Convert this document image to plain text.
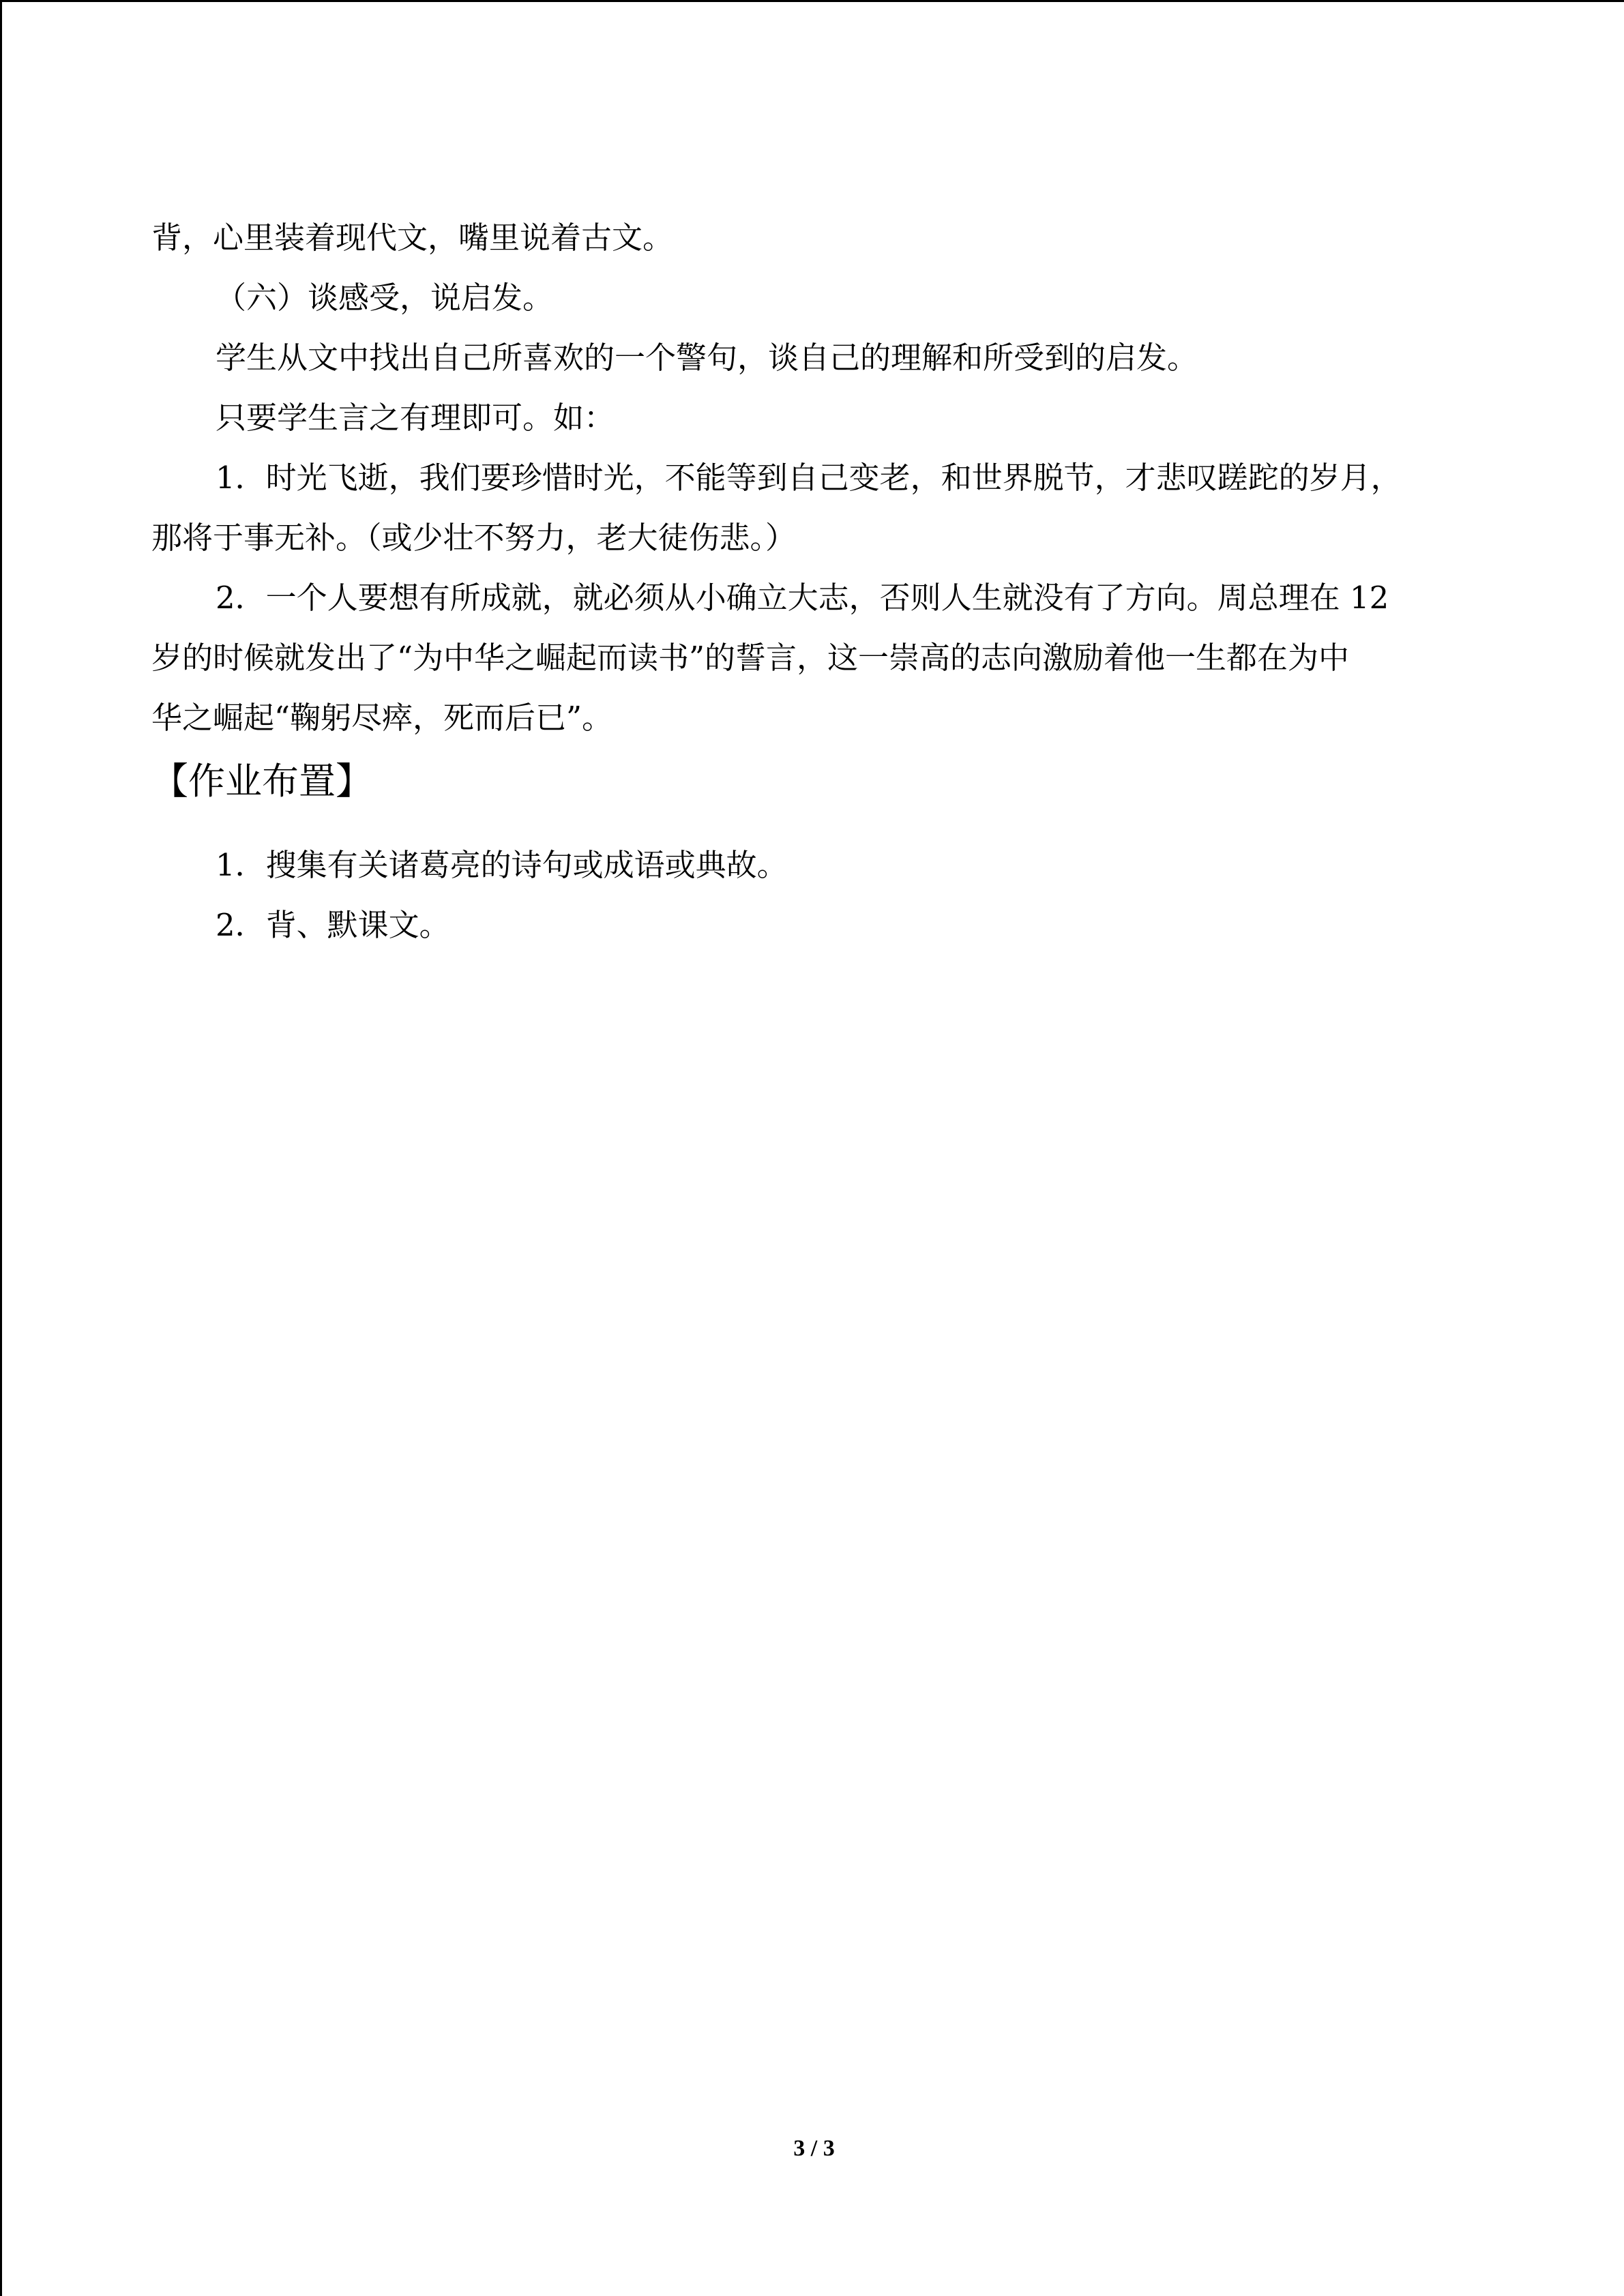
背，心里装着现代文，嘴里说着古文。
（六）谈感受，说启发。
学生从文中找出自己所喜欢的一个警句，谈自己的理解和所受到的启发。
只要学生言之有理即可。如：
1．时光飞逝，我们要珍惜时光，不能等到自己变老，和世界脱节，才悲叹蹉跎的岁月，
那将于事无补。（或少壮不努力，老大徒伤悲。）
2．一个人要想有所成就，就必须从小确立大志，否则人生就没有了方向。周总理在 12
岁的时候就发出了“为中华之崛起而读书”的誓言，这一崇高的志向激励着他一生都在为中
华之崛起“鞠躬尽瘁，死而后已”。
【作业布置】
1．搜集有关诸葛亮的诗句或成语或典故。
2．背、默课文。
3 / 3
